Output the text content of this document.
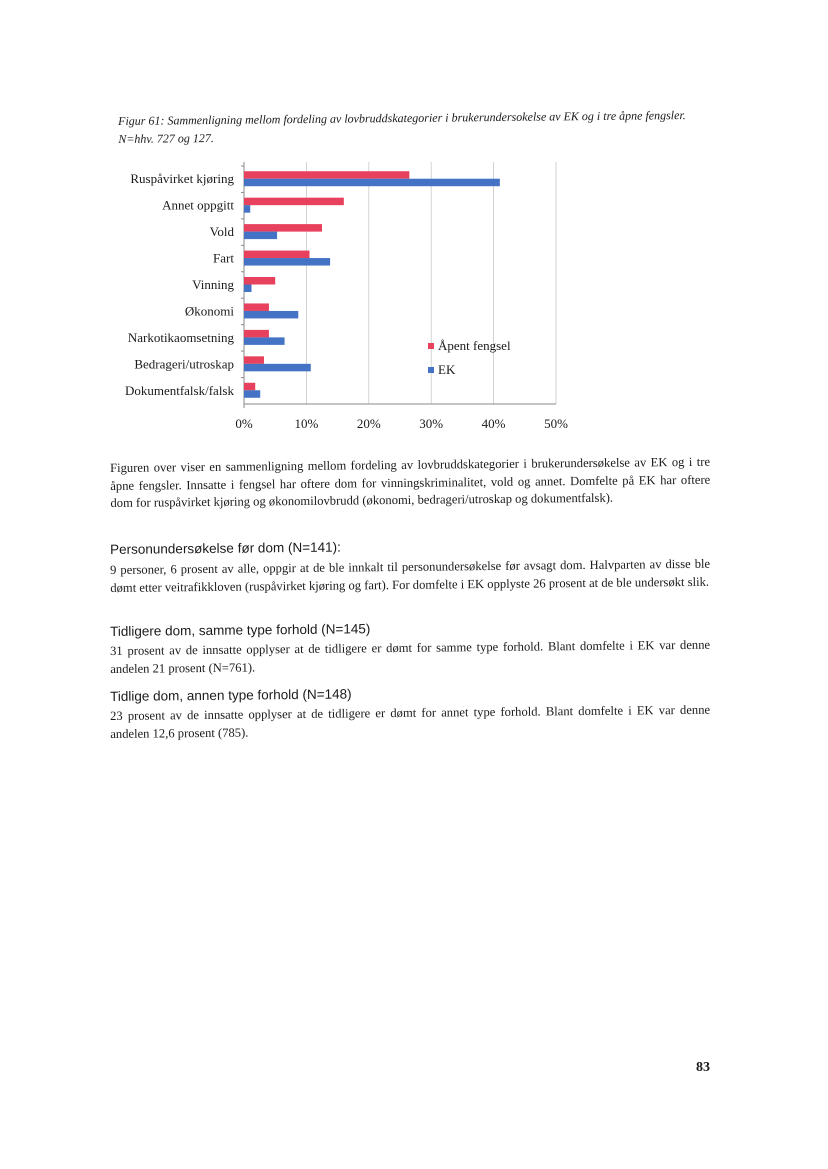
Figur 61: Sammenligning mellom fordeling av lovbruddskategorier i brukerundersokelse av EK og i tre åpne fengsler. N=hhv. 727 og 127.
Ruspåvirket kjøring
Annet oppgitt
Vold
Fart
Vinning
Økonomi
Narkotikaomsetning
Bedrageri/utroskap
Dokumentfalsk/falsk
0%	10%	20%	30%	40%	50%
Åpent fengsel
EK
Figuren over viser en sammenligning mellom fordeling av lovbruddskategorier i brukerundersøkelse av EK og i tre åpne fengsler. Innsatte i fengsel har oftere dom for vinningskriminalitet, vold og annet. Domfelte på EK har oftere dom for ruspåvirket kjøring og økonomilovbrudd (økonomi, bedrageri/utroskap og dokumentfalsk).
Personundersøkelse før dom (N=141):
9 personer, 6 prosent av alle, oppgir at de ble innkalt til personundersøkelse før avsagt dom. Halvparten av disse ble dømt etter veitrafikkloven (ruspåvirket kjøring og fart). For domfelte i EK opplyste 26 prosent at de ble undersøkt slik.
Tidligere dom, samme type forhold (N=145)
31 prosent av de innsatte opplyser at de tidligere er dømt for samme type forhold. Blant domfelte i EK var denne andelen 21 prosent (N=761).
Tidlige dom, annen type forhold (N=148)
23 prosent av de innsatte opplyser at de tidligere er dømt for annet type forhold. Blant domfelte i EK var denne andelen 12,6 prosent (785).
83
